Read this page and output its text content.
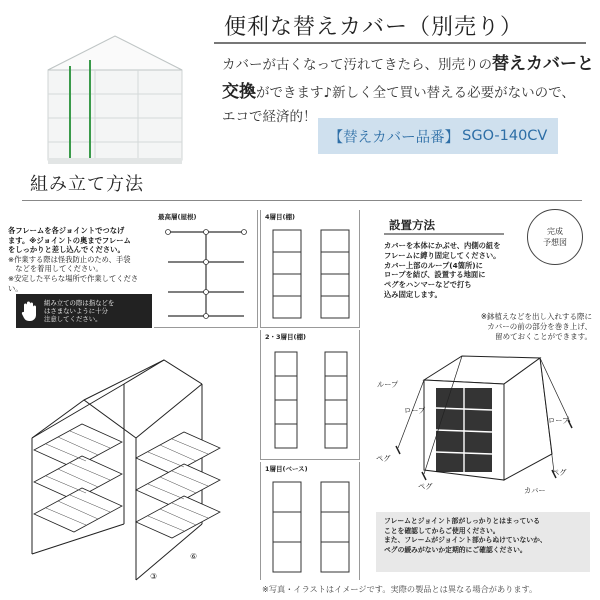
便利な替えカバー（別売り）
カバーが古くなって汚れてきたら、別売りの替えカバーと
交換ができます♪新しく全て買い替える必要がないので、
エコで経済的！
【替えカバー品番】 SGO-140CV
組み立て方法
各フレームを各ジョイントでつなげ
ます。※ジョイントの奥までフレーム
をしっかりと差し込んでください。
※作業する際は怪我防止のため、手袋
　などを着用してください。
※安定した平らな場所で作業してくださ
い。
組み立ての際は指などを
はさまないように十分
注意してください。
⑥
③
最高層(屋根)	4層目(棚)
2・3層目(棚)
1層目(ベース)
設置方法	完成
予想図
カバーを本体にかぶせ、内側の紐を
フレームに縛り固定してください。
カバー上部のループ(4箇所)に
ロープを結び、設置する地面に
ペグをハンマーなどで打ち
込み固定します。
※鉢植えなどを出し入れする際に
カバーの前の部分を巻き上げ、
留めておくことができます。
ループ
ロープ
ロープ
ペグ
ペグ
ペグ
カバー
フレームとジョイント部がしっかりとはまっている
ことを確認してからご使用ください。
また、フレームがジョイント部からぬけていないか、
ペグの緩みがないか定期的にご確認ください。
※写真・イラストはイメージです。実際の製品とは異なる場合があります。
